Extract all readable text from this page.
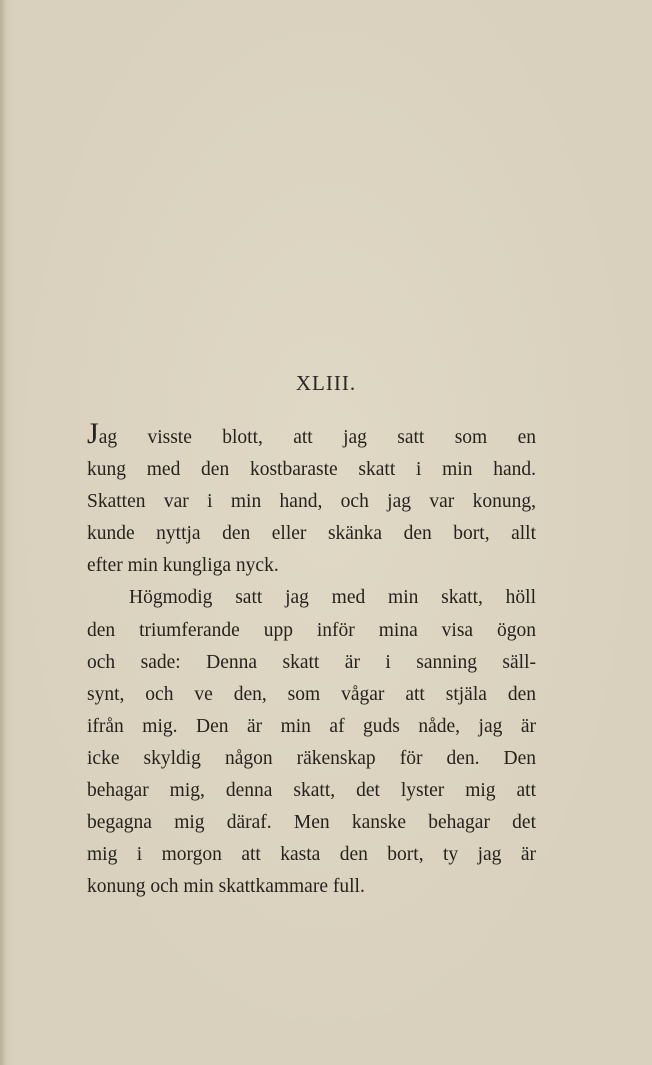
XLIII.
Jag visste blott, att jag satt som en
kung med den kostbaraste skatt i min hand.
Skatten var i min hand, och jag var konung,
kunde nyttja den eller skänka den bort, allt
efter min kungliga nyck.
Högmodig satt jag med min skatt, höll
den triumferande upp inför mina visa ögon
och sade: Denna skatt är i sanning säll-
synt, och ve den, som vågar att stjäla den
ifrån mig. Den är min af guds nåde, jag är
icke skyldig någon räkenskap för den. Den
behagar mig, denna skatt, det lyster mig att
begagna mig däraf. Men kanske behagar det
mig i morgon att kasta den bort, ty jag är
konung och min skattkammare full.
